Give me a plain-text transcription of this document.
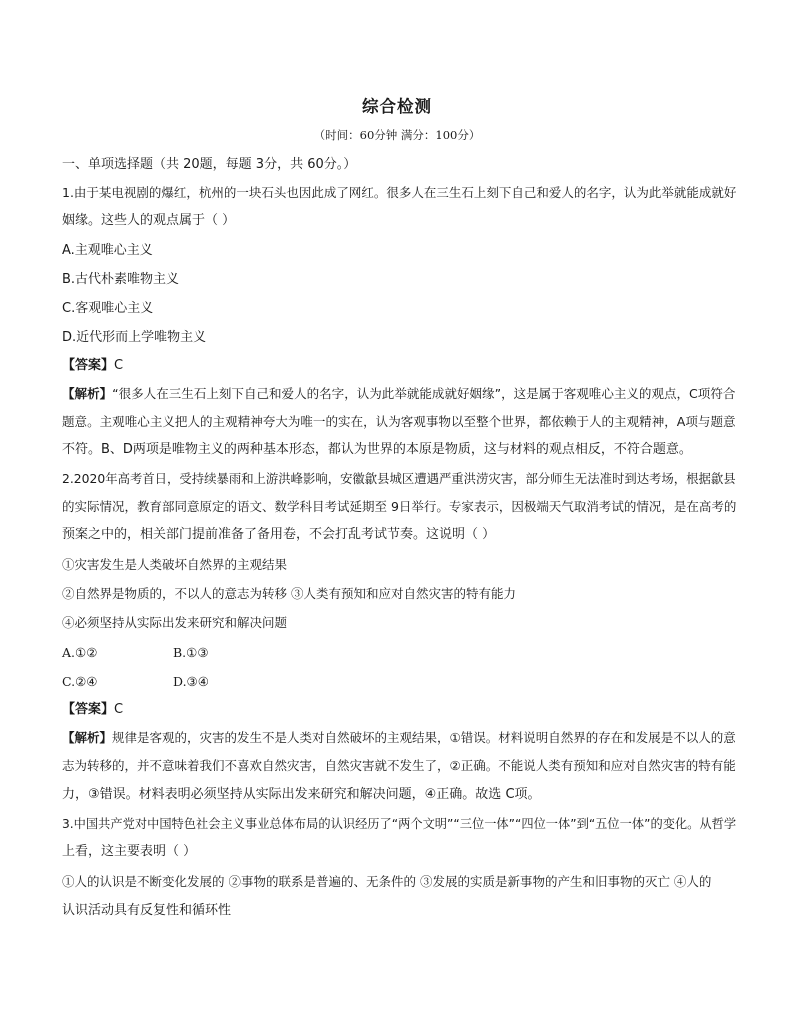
综合检测
（时间：60分钟 满分：100分）
一、单项选择题（共 20题，每题 3分，共 60分。）
1.由于某电视剧的爆红，杭州的一块石头也因此成了网红。很多人在三生石上刻下自己和爱人的名字，认为此举就能成就好
姻缘。这些人的观点属于（ ）
A.主观唯心主义
B.古代朴素唯物主义
C.客观唯心主义
D.近代形而上学唯物主义
【答案】C
【解析】“很多人在三生石上刻下自己和爱人的名字，认为此举就能成就好姻缘”，这是属于客观唯心主义的观点，C项符合
题意。主观唯心主义把人的主观精神夸大为唯一的实在，认为客观事物以至整个世界，都依赖于人的主观精神，A项与题意
不符。B、D两项是唯物主义的两种基本形态，都认为世界的本原是物质，这与材料的观点相反，不符合题意。
2.2020年高考首日，受持续暴雨和上游洪峰影响，安徽歙县城区遭遇严重洪涝灾害，部分师生无法准时到达考场，根据歙县
的实际情况，教育部同意原定的语文、数学科目考试延期至 9日举行。专家表示，因极端天气取消考试的情况，是在高考的
预案之中的，相关部门提前准备了备用卷，不会打乱考试节奏。这说明（ ）
①灾害发生是人类破坏自然界的主观结果
②自然界是物质的，不以人的意志为转移 ③人类有预知和应对自然灾害的特有能力
④必须坚持从实际出发来研究和解决问题
A.①②	B.①③
C.②④	D.③④
【答案】C
【解析】规律是客观的，灾害的发生不是人类对自然破坏的主观结果，①错误。材料说明自然界的存在和发展是不以人的意
志为转移的，并不意味着我们不喜欢自然灾害，自然灾害就不发生了，②正确。不能说人类有预知和应对自然灾害的特有能
力，③错误。材料表明必须坚持从实际出发来研究和解决问题，④正确。故选 C项。
3.中国共产党对中国特色社会主义事业总体布局的认识经历了“两个文明”“三位一体”“四位一体”到“五位一体”的变化。从哲学
上看，这主要表明（ ）
①人的认识是不断变化发展的 ②事物的联系是普遍的、无条件的 ③发展的实质是新事物的产生和旧事物的灭亡 ④人的
认识活动具有反复性和循环性
